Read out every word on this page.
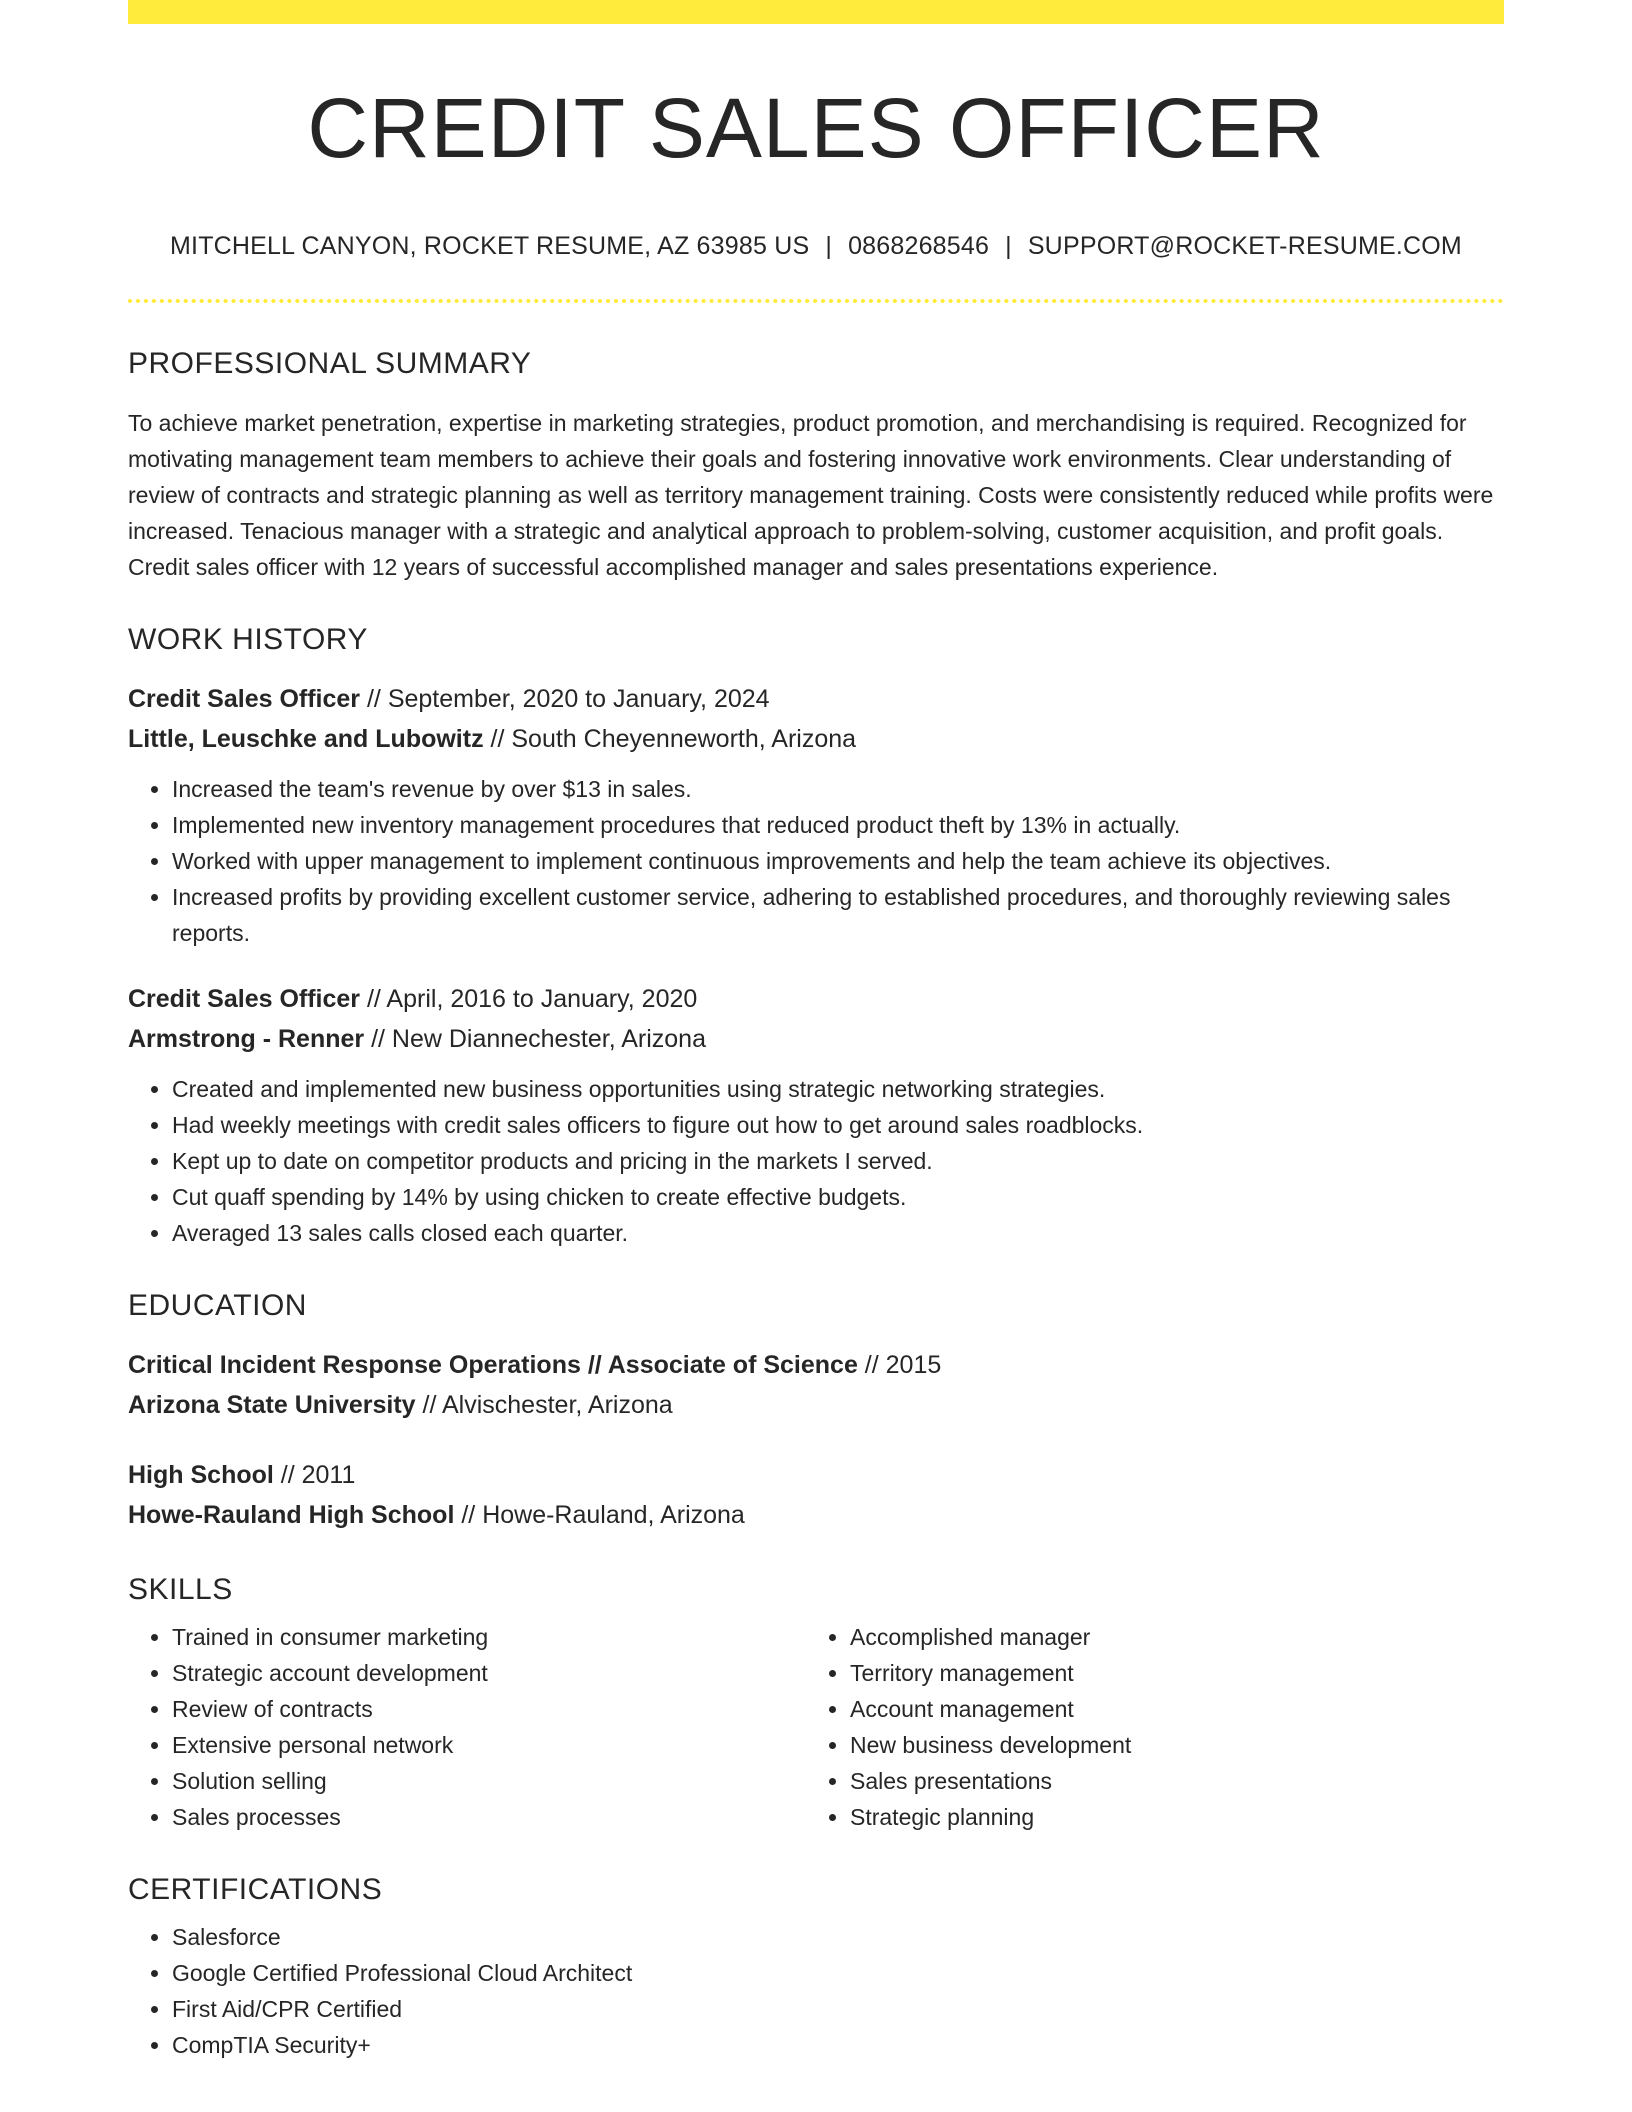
CREDIT SALES OFFICER
MITCHELL CANYON, ROCKET RESUME, AZ 63985 US | 0868268546 | SUPPORT@ROCKET-RESUME.COM
PROFESSIONAL SUMMARY
To achieve market penetration, expertise in marketing strategies, product promotion, and merchandising is required. Recognized for motivating management team members to achieve their goals and fostering innovative work environments. Clear understanding of review of contracts and strategic planning as well as territory management training. Costs were consistently reduced while profits were increased. Tenacious manager with a strategic and analytical approach to problem-solving, customer acquisition, and profit goals. Credit sales officer with 12 years of successful accomplished manager and sales presentations experience.
WORK HISTORY
Credit Sales Officer // September, 2020 to January, 2024
Little, Leuschke and Lubowitz // South Cheyenneworth, Arizona
• Increased the team's revenue by over $13 in sales.
• Implemented new inventory management procedures that reduced product theft by 13% in actually.
• Worked with upper management to implement continuous improvements and help the team achieve its objectives.
• Increased profits by providing excellent customer service, adhering to established procedures, and thoroughly reviewing sales reports.
Credit Sales Officer // April, 2016 to January, 2020
Armstrong - Renner // New Diannechester, Arizona
• Created and implemented new business opportunities using strategic networking strategies.
• Had weekly meetings with credit sales officers to figure out how to get around sales roadblocks.
• Kept up to date on competitor products and pricing in the markets I served.
• Cut quaff spending by 14% by using chicken to create effective budgets.
• Averaged 13 sales calls closed each quarter.
EDUCATION
Critical Incident Response Operations // Associate of Science // 2015
Arizona State University // Alvischester, Arizona
High School // 2011
Howe-Rauland High School // Howe-Rauland, Arizona
SKILLS
• Trained in consumer marketing
• Strategic account development
• Review of contracts
• Extensive personal network
• Solution selling
• Sales processes
• Accomplished manager
• Territory management
• Account management
• New business development
• Sales presentations
• Strategic planning
CERTIFICATIONS
• Salesforce
• Google Certified Professional Cloud Architect
• First Aid/CPR Certified
• CompTIA Security+
